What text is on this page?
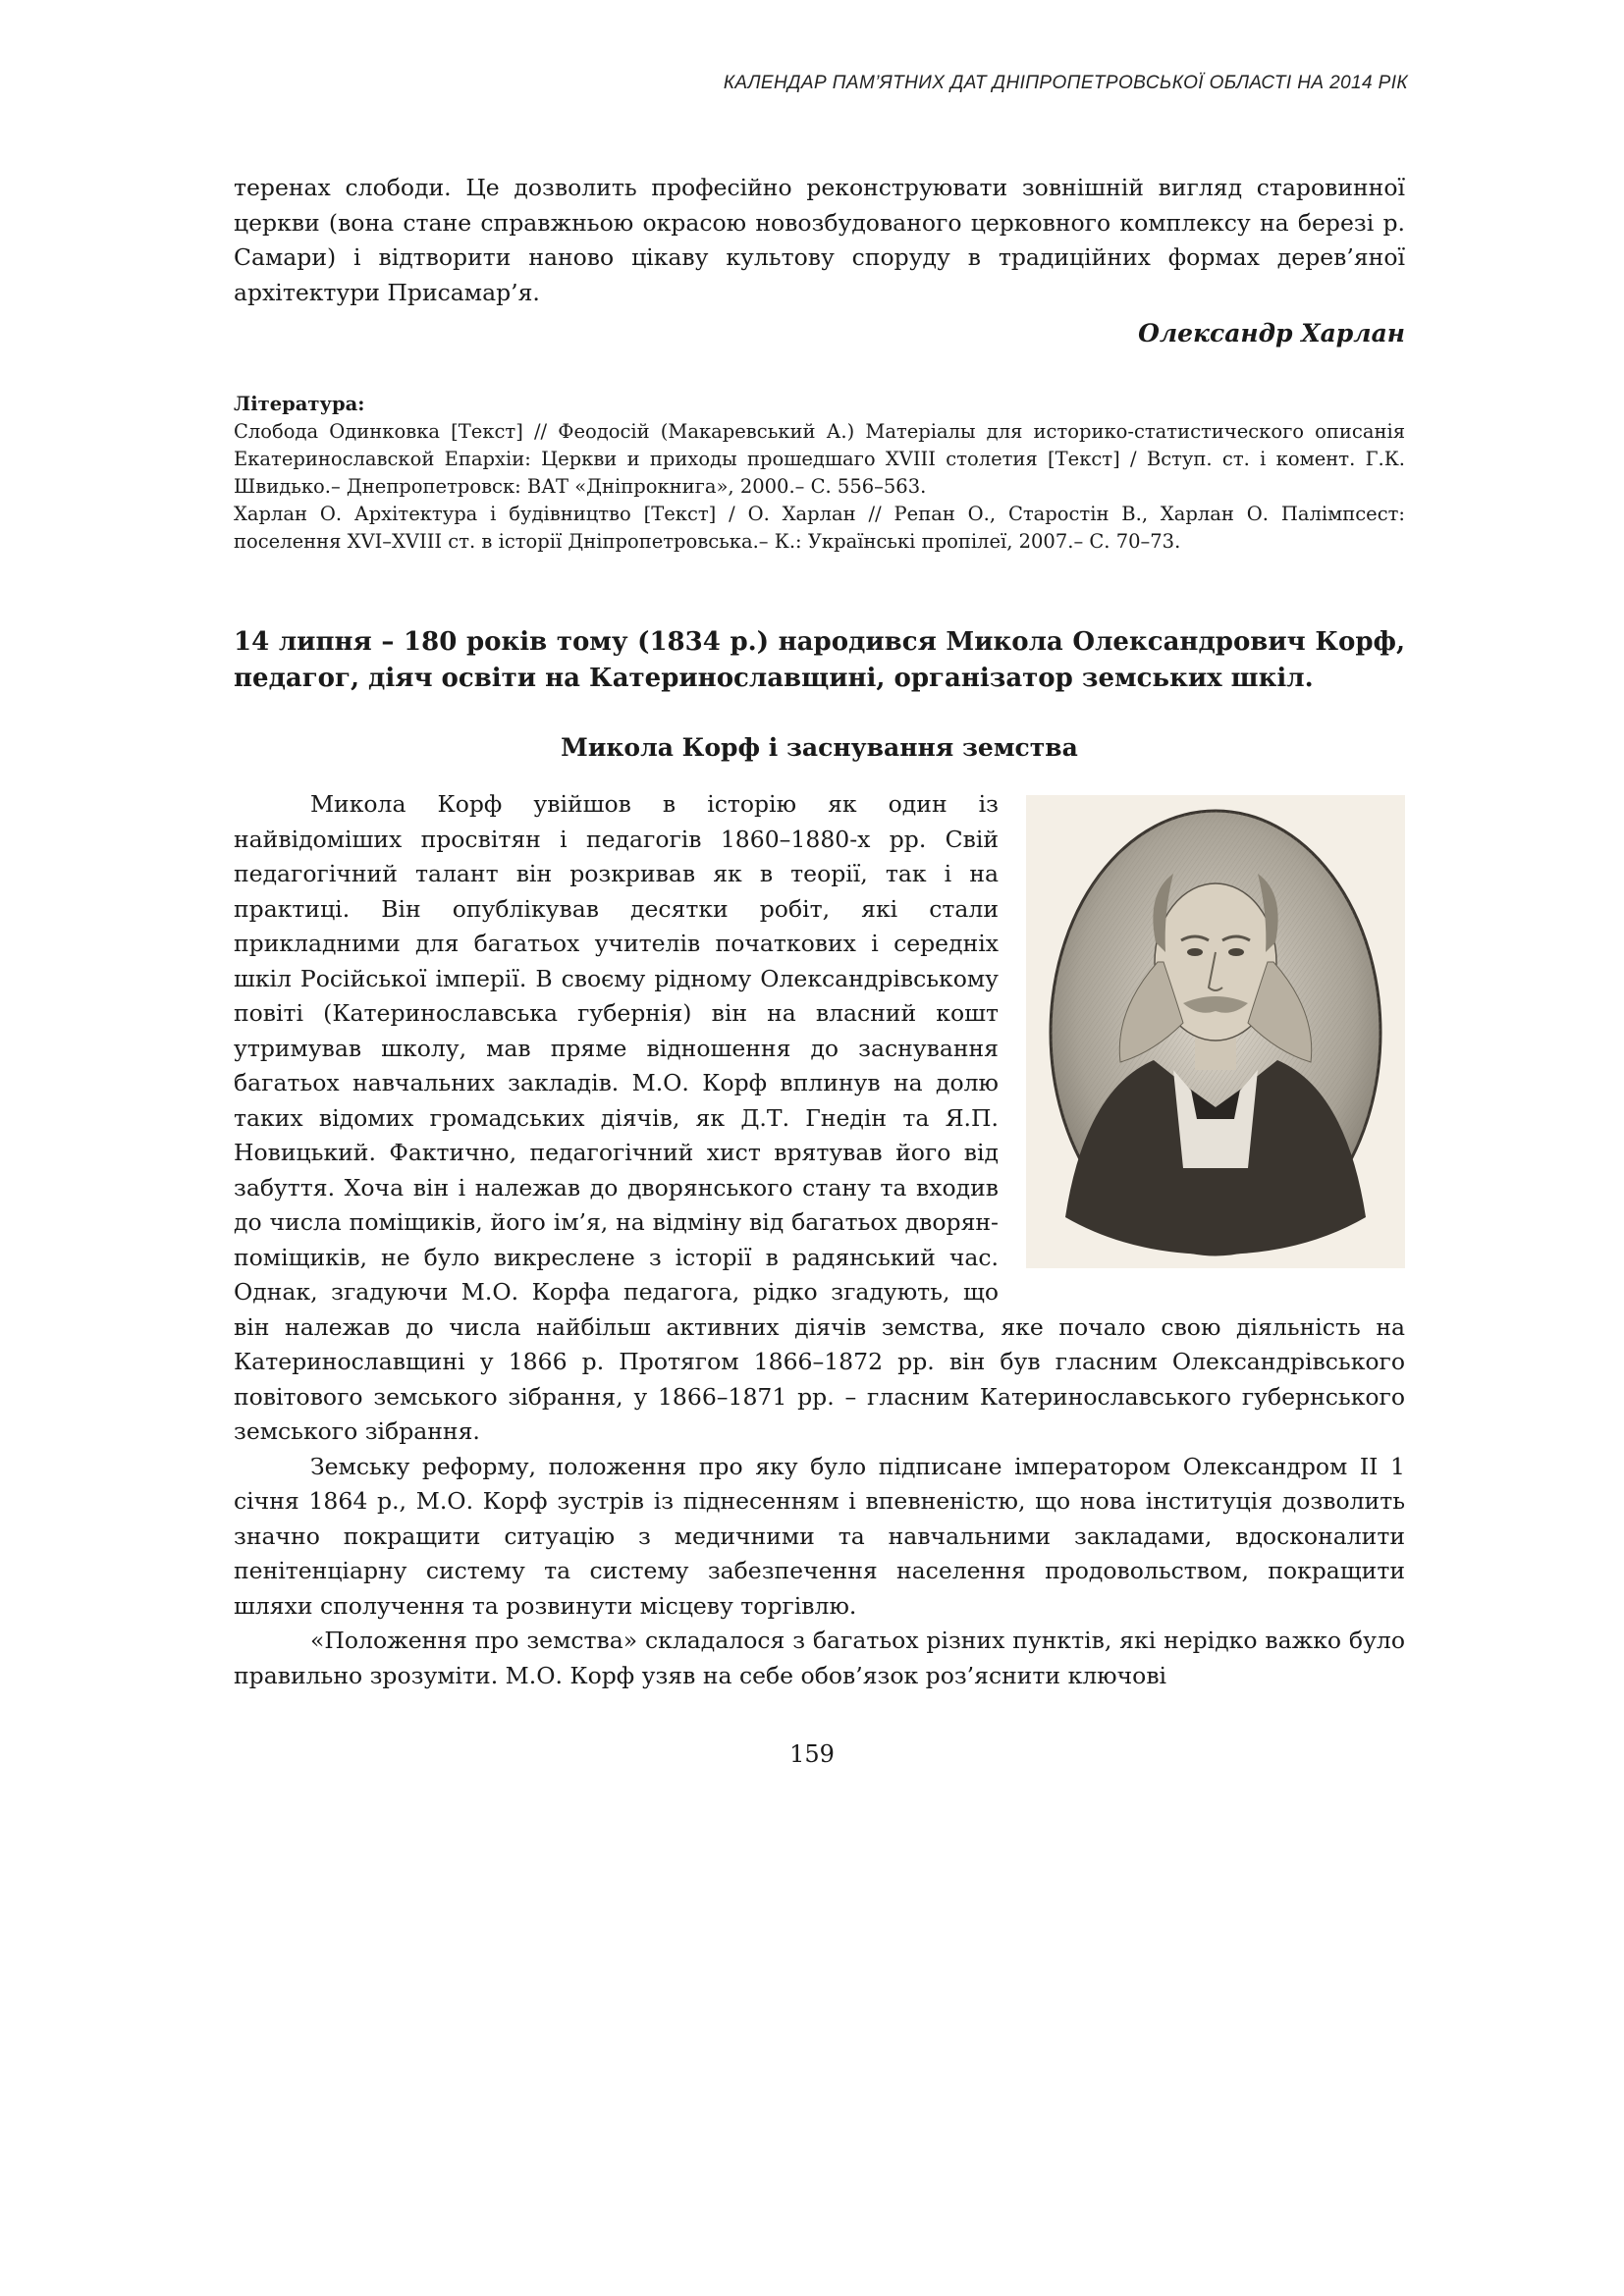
КАЛЕНДАР ПАМ’ЯТНИХ ДАТ ДНІПРОПЕТРОВСЬКОЇ ОБЛАСТІ НА 2014 РІК

теренах слободи. Це дозволить професійно реконструювати зовнішній вигляд старовинної церкви (вона стане справжньою окрасою новозбудованого церковного комплексу на березі р. Самари) і відтворити наново цікаву культову споруду в традиційних формах дерев’яної архітектури Присамар’я.

Олександр Харлан

Література:

Слобода Одинковка [Текст] // Феодосій (Макаревський А.) Матеріалы для историко-статистического описанія Екатеринославской Епархіи: Церкви и приходы прошедшаго XVIII столетия [Текст] / Вступ. ст. і комент. Г.К. Швидько.– Днепропетровск: ВАТ «Дніпрокнига», 2000.– С. 556–563.

Харлан О. Архітектура і будівництво [Текст] / О. Харлан // Репан О., Старостін В., Харлан О. Палімпсест: поселення XVI–XVIII ст. в історії Дніпропетровська.– К.: Українські пропілеї, 2007.– С. 70–73.

14 липня – 180 років тому (1834 р.) народився Микола Олександрович Корф, педагог, діяч освіти на Катеринославщині, організатор земських шкіл.
Микола Корф і заснування земства

Микола Корф увійшов в історію як один із найвідоміших просвітян і педагогів 1860–1880-х рр. Свій педагогічний талант він розкривав як в теорії, так і на практиці. Він опублікував десятки робіт, які стали прикладними для багатьох учителів початкових і середніх шкіл Російської імперії. В своєму рідному Олександрівському повіті (Катеринославська губернія) він на власний кошт утримував школу, мав пряме відношення до заснування багатьох навчальних закладів. М.О. Корф вплинув на долю таких відомих громадських діячів, як Д.Т. Гнедін та Я.П. Новицький. Фактично, педагогічний хист врятував його від забуття. Хоча він і належав до дворянського стану та входив до числа поміщиків, його ім’я, на відміну від багатьох дворян-поміщиків, не було викреслене з історії в радянський час. Однак, згадуючи М.О. Корфа педагога, рідко згадують, що він належав до числа найбільш активних діячів земства, яке почало свою діяльність на Катеринославщині у 1866 р. Протягом 1866–1872 рр. він був гласним Олександрівського повітового земського зібрання, у 1866–1871 рр. – гласним Катеринославського губернського земського зібрання.

Земську реформу, положення про яку було підписане імператором Олександром II 1 січня 1864 р., М.О. Корф зустрів із піднесенням і впевненістю, що нова інституція дозволить значно покращити ситуацію з медичними та навчальними закладами, вдосконалити пенітенціарну систему та систему забезпечення населення продовольством, покращити шляхи сполучення та розвинути місцеву торгівлю.

«Положення про земства» складалося з багатьох різних пунктів, які нерідко важко було правильно зрозуміти. М.О. Корф узяв на себе обов’язок роз’яснити ключові

159
